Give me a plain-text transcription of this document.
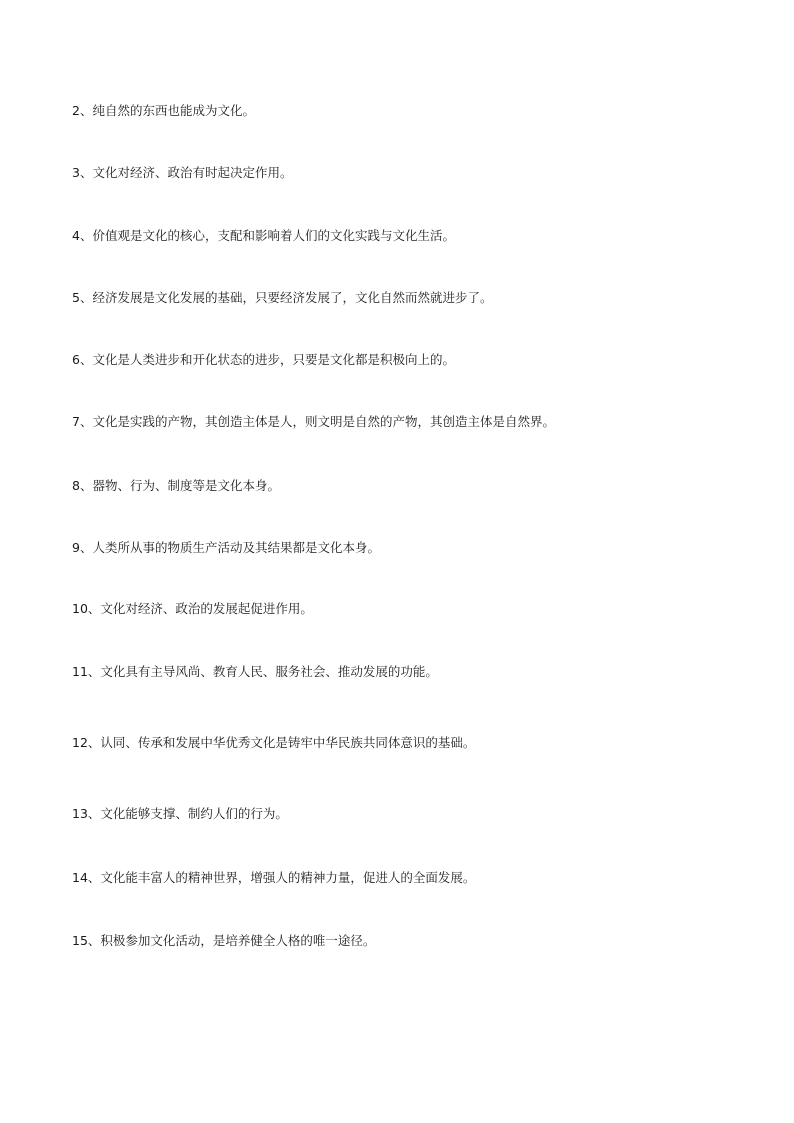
2、纯自然的东西也能成为文化。
3、文化对经济、政治有时起决定作用。
4、价值观是文化的核心，支配和影响着人们的文化实践与文化生活。
5、经济发展是文化发展的基础，只要经济发展了，文化自然而然就进步了。
6、文化是人类进步和开化状态的进步，只要是文化都是积极向上的。
7、文化是实践的产物，其创造主体是人，则文明是自然的产物，其创造主体是自然界。
8、器物、行为、制度等是文化本身。
9、人类所从事的物质生产活动及其结果都是文化本身。
10、文化对经济、政治的发展起促进作用。
11、文化具有主导风尚、教育人民、服务社会、推动发展的功能。
12、认同、传承和发展中华优秀文化是铸牢中华民族共同体意识的基础。
13、文化能够支撑、制约人们的行为。
14、文化能丰富人的精神世界，增强人的精神力量，促进人的全面发展。
15、积极参加文化活动，是培养健全人格的唯一途径。
